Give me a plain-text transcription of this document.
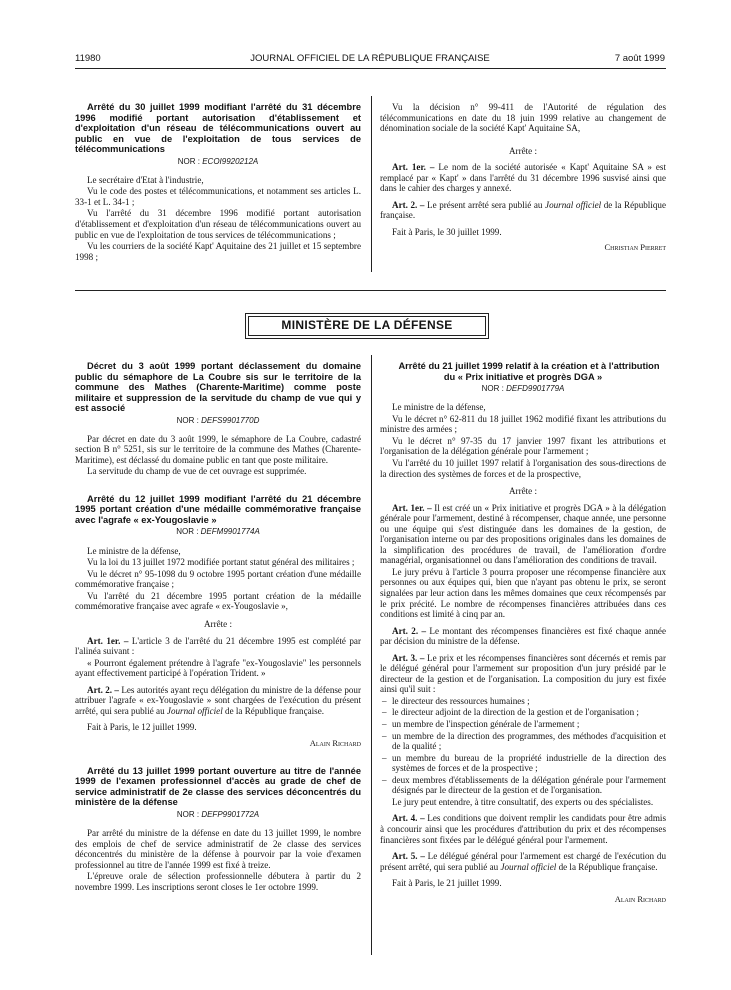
11980	JOURNAL OFFICIEL DE LA RÉPUBLIQUE FRANÇAISE	7 août 1999

Arrêté du 30 juillet 1999 modifiant l'arrêté du 31 décembre 1996 modifié portant autorisation d'établissement et d'exploitation d'un réseau de télécommunications ouvert au public en vue de l'exploitation de tous services de télécommunications

NOR : ECOI9920212A

Le secrétaire d'Etat à l'industrie,

Vu le code des postes et télécommunications, et notamment ses articles L. 33-1 et L. 34-1 ;

Vu l'arrêté du 31 décembre 1996 modifié portant autorisation d'établissement et d'exploitation d'un réseau de télécommunications ouvert au public en vue de l'exploitation de tous services de télécommunications ;

Vu les courriers de la société Kapt' Aquitaine des 21 juillet et 15 septembre 1998 ;

Vu la décision n° 99-411 de l'Autorité de régulation des télécommunications en date du 18 juin 1999 relative au changement de dénomination sociale de la société Kapt' Aquitaine SA,

Arrête :

Art. 1er. – Le nom de la société autorisée « Kapt' Aquitaine SA » est remplacé par « Kapt' » dans l'arrêté du 31 décembre 1996 susvisé ainsi que dans le cahier des charges y annexé.

Art. 2. – Le présent arrêté sera publié au Journal officiel de la République française.

Fait à Paris, le 30 juillet 1999.

Christian Pierret

MINISTÈRE DE LA DÉFENSE

Décret du 3 août 1999 portant déclassement du domaine public du sémaphore de La Coubre sis sur le territoire de la commune des Mathes (Charente-Maritime) comme poste militaire et suppression de la servitude du champ de vue qui y est associé

NOR : DEFS9901770D

Par décret en date du 3 août 1999, le sémaphore de La Coubre, cadastré section B n° 5251, sis sur le territoire de la commune des Mathes (Charente-Maritime), est déclassé du domaine public en tant que poste militaire.

La servitude du champ de vue de cet ouvrage est supprimée.

Arrêté du 12 juillet 1999 modifiant l'arrêté du 21 décembre 1995 portant création d'une médaille commémorative française avec l'agrafe « ex-Yougoslavie »

NOR : DEFM9901774A

Le ministre de la défense,

Vu la loi du 13 juillet 1972 modifiée portant statut général des militaires ;

Vu le décret n° 95-1098 du 9 octobre 1995 portant création d'une médaille commémorative française ;

Vu l'arrêté du 21 décembre 1995 portant création de la médaille commémorative française avec agrafe « ex-Yougoslavie »,

Arrête :

Art. 1er. – L'article 3 de l'arrêté du 21 décembre 1995 est complété par l'alinéa suivant :

« Pourront également prétendre à l'agrafe "ex-Yougoslavie" les personnels ayant effectivement participé à l'opération Trident. »

Art. 2. – Les autorités ayant reçu délégation du ministre de la défense pour attribuer l'agrafe « ex-Yougoslavie » sont chargées de l'exécution du présent arrêté, qui sera publié au Journal officiel de la République française.

Fait à Paris, le 12 juillet 1999.

Alain Richard

Arrêté du 13 juillet 1999 portant ouverture au titre de l'année 1999 de l'examen professionnel d'accès au grade de chef de service administratif de 2e classe des services déconcentrés du ministère de la défense

NOR : DEFP9901772A

Par arrêté du ministre de la défense en date du 13 juillet 1999, le nombre des emplois de chef de service administratif de 2e classe des services déconcentrés du ministère de la défense à pourvoir par la voie d'examen professionnel au titre de l'année 1999 est fixé à treize.

L'épreuve orale de sélection professionnelle débutera à partir du 2 novembre 1999. Les inscriptions seront closes le 1er octobre 1999.

Arrêté du 21 juillet 1999 relatif à la création et à l'attribution du « Prix initiative et progrès DGA »

NOR : DEFD9901779A

Le ministre de la défense,

Vu le décret n° 62-811 du 18 juillet 1962 modifié fixant les attributions du ministre des armées ;

Vu le décret n° 97-35 du 17 janvier 1997 fixant les attributions et l'organisation de la délégation générale pour l'armement ;

Vu l'arrêté du 10 juillet 1997 relatif à l'organisation des sous-directions de la direction des systèmes de forces et de la prospective,

Arrête :

Art. 1er. – Il est créé un « Prix initiative et progrès DGA » à la délégation générale pour l'armement, destiné à récompenser, chaque année, une personne ou une équipe qui s'est distinguée dans les domaines de la gestion, de l'organisation interne ou par des propositions originales dans les domaines de la simplification des procédures de travail, de l'amélioration d'ordre managérial, organisationnel ou dans l'amélioration des conditions de travail.

Le jury prévu à l'article 3 pourra proposer une récompense financière aux personnes ou aux équipes qui, bien que n'ayant pas obtenu le prix, se seront signalées par leur action dans les mêmes domaines que ceux récompensés par le prix précité. Le nombre de récompenses financières attribuées dans ces conditions est limité à cinq par an.

Art. 2. – Le montant des récompenses financières est fixé chaque année par décision du ministre de la défense.

Art. 3. – Le prix et les récompenses financières sont décernés et remis par le délégué général pour l'armement sur proposition d'un jury présidé par le directeur de la gestion et de l'organisation. La composition du jury est fixée ainsi qu'il suit :

– le directeur des ressources humaines ;

– le directeur adjoint de la direction de la gestion et de l'organisation ;

– un membre de l'inspection générale de l'armement ;

– un membre de la direction des programmes, des méthodes d'acquisition et de la qualité ;

– un membre du bureau de la propriété industrielle de la direction des systèmes de forces et de la prospective ;

– deux membres d'établissements de la délégation générale pour l'armement désignés par le directeur de la gestion et de l'organisation.

Le jury peut entendre, à titre consultatif, des experts ou des spécialistes.

Art. 4. – Les conditions que doivent remplir les candidats pour être admis à concourir ainsi que les procédures d'attribution du prix et des récompenses financières sont fixées par le délégué général pour l'armement.

Art. 5. – Le délégué général pour l'armement est chargé de l'exécution du présent arrêté, qui sera publié au Journal officiel de la République française.

Fait à Paris, le 21 juillet 1999.

Alain Richard
